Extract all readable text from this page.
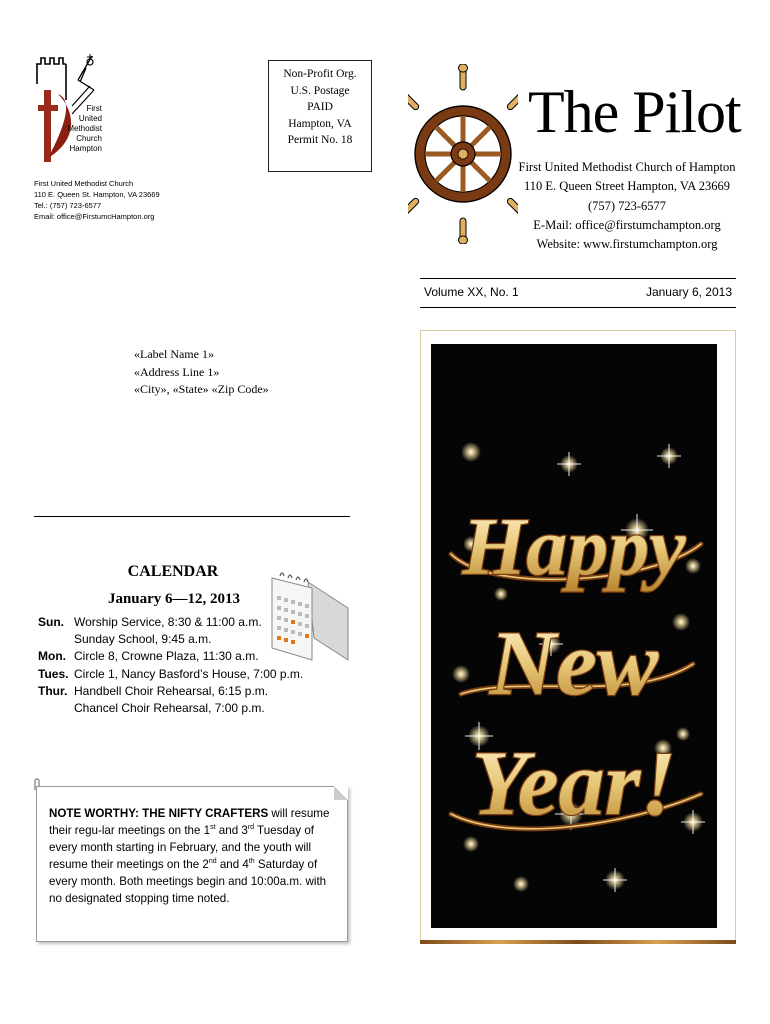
First
United
Methodist
Church
Hampton
First United Methodist Church
110 E. Queen St. Hampton, VA 23669
Tel.: (757) 723-6577
Email: office@FirstumcHampton.org
Non-Profit Org.
U.S. Postage
PAID
Hampton, VA
Permit No. 18	The Pilot
First United Methodist Church of Hampton
110 E. Queen Street Hampton, VA 23669
(757) 723-6577
E-Mail: office@firstumchampton.org
Website: www.firstumchampton.org
Volume XX, No. 1	January 6, 2013
«Label Name 1»
«Address Line 1»
«City», «State» «Zip Code»
CALENDAR
January 6—12, 2013
Sun. Worship Service, 8:30 & 11:00 a.m.
Sunday School, 9:45 a.m.
Mon. Circle 8, Crowne Plaza, 11:30 a.m.
Tues. Circle 1, Nancy Basford’s House, 7:00 p.m.
Thur. Handbell Choir Rehearsal, 6:15 p.m.
Chancel Choir Rehearsal, 7:00 p.m.
NOTE WORTHY: THE NIFTY CRAFTERS will resume their regu-lar meetings on the 1st and 3rd Tuesday of every month starting in February, and the youth will resume their meetings on the 2nd and 4th Saturday of every month. Both meetings begin and 10:00a.m. with no designated stopping time noted.
Happy
New
Year!
